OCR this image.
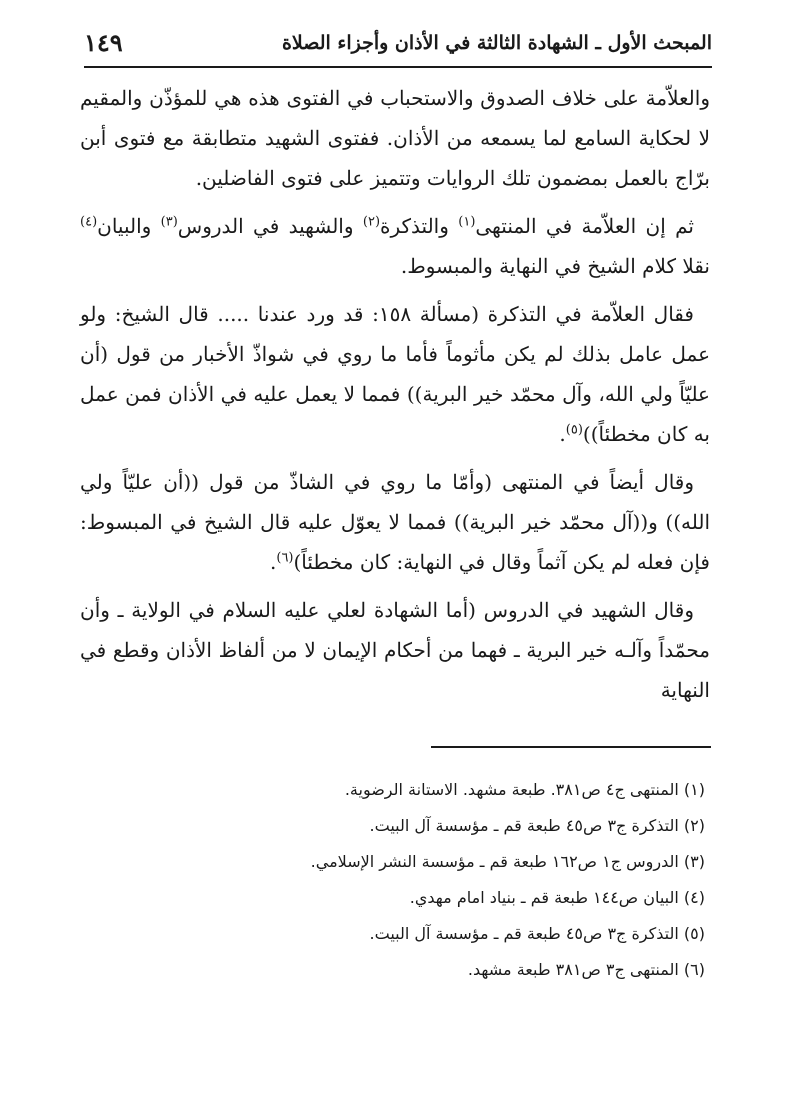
المبحث الأول ـ الشهادة الثالثة في الأذان وأجزاء الصلاة
١٤٩

والعلاّمة على خلاف الصدوق والاستحباب في الفتوى هذه هي للمؤذّن والمقيم لا لحكاية السامع لما يسمعه من الأذان. ففتوى الشهيد متطابقة مع فتوى أبن برّاج بالعمل بمضمون تلك الروايات وتتميز على فتوى الفاضلين.

ثم إن العلاّمة في المنتهى$^{(١)}$ والتذكرة$^{(٢)}$ والشهيد في الدروس$^{(٣)}$ والبيان$^{(٤)}$ نقلا كلام الشيخ في النهاية والمبسوط.

فقال العلاّمة في التذكرة (مسألة ١٥٨: قد ورد عندنا ..... قال الشيخ: ولو عمل عامل بذلك لم يكن مأثوماً فأما ما روي في شواذّ الأخبار من قول (أن عليّاً ولي الله، وآل محمّد خير البرية)) فمما لا يعمل عليه في الأذان فمن عمل به كان مخطئاً))$^{(٥)}$.

وقال أيضاً في المنتهى (وأمّا ما روي في الشاذّ من قول ((أن عليّاً ولي الله)) و((آل محمّد خير البرية)) فمما لا يعوّل عليه قال الشيخ في المبسوط: فإن فعله لم يكن آثماً وقال في النهاية: كان مخطئاً)$^{(٦)}$.

وقال الشهيد في الدروس (أما الشهادة لعلي عليه السلام في الولاية ـ وأن محمّداً وآلـه خير البرية ـ فهما من أحكام الإيمان لا من ألفاظ الأذان وقطع في النهاية

(١) المنتهى ج٤ ص٣٨١. طبعة مشهد. الاستانة الرضوية.
(٢) التذكرة ج٣ ص٤٥ طبعة قم ـ مؤسسة آل البيت.
(٣) الدروس ج١ ص١٦٢ طبعة قم ـ مؤسسة النشر الإسلامي.
(٤) البيان ص١٤٤ طبعة قم ـ بنياد امام مهدي.
(٥) التذكرة ج٣ ص٤٥ طبعة قم ـ مؤسسة آل البيت.
(٦) المنتهى ج٣ ص٣٨١ طبعة مشهد.
